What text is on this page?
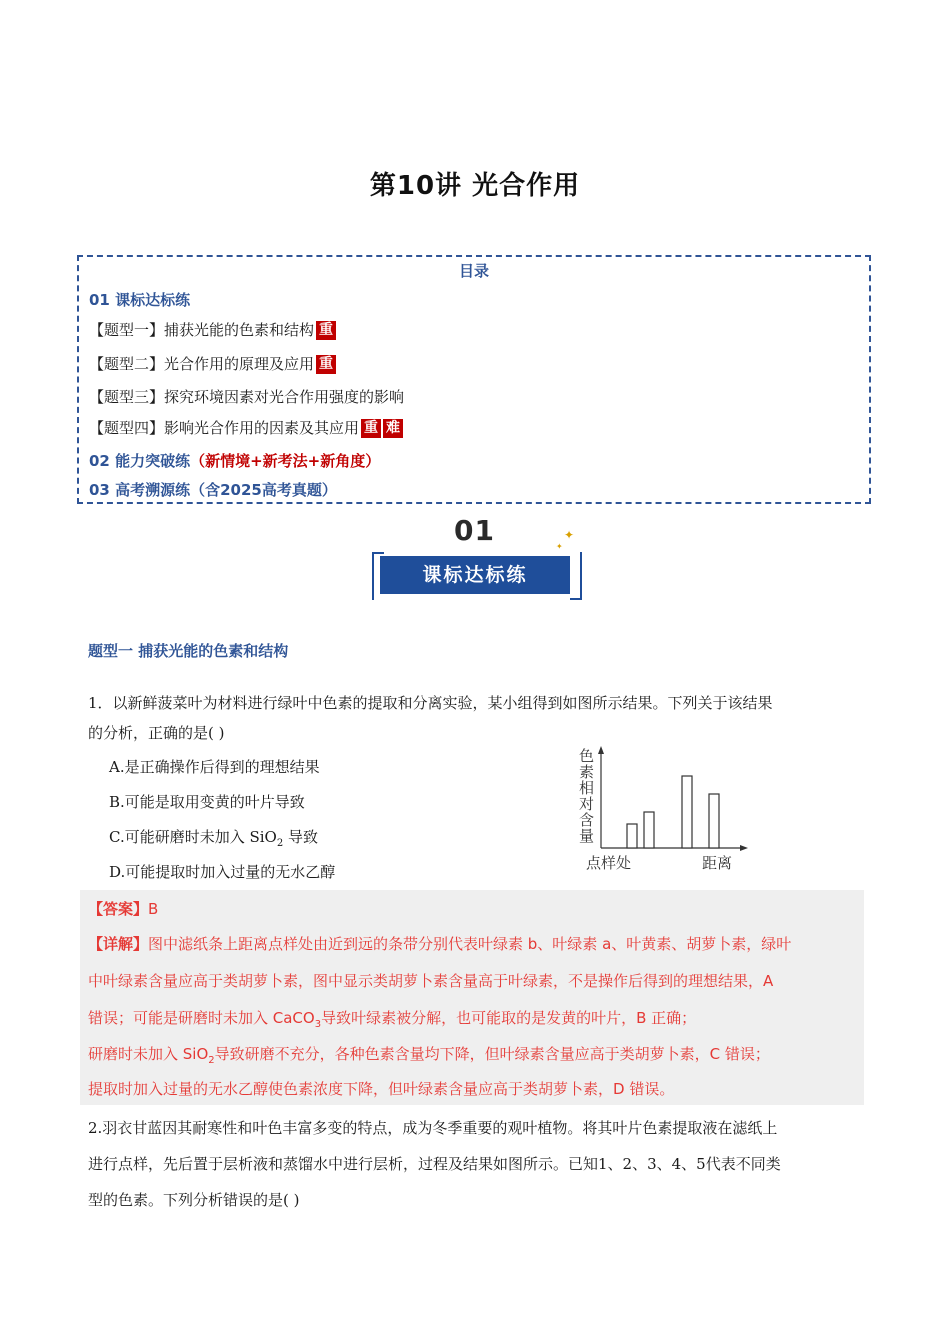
第10讲 光合作用
目录
01 课标达标练
【题型一】捕获光能的色素和结构 重
【题型二】光合作用的原理及应用 重
【题型三】探究环境因素对光合作用强度的影响
【题型四】影响光合作用的因素及其应用 重 难
02 能力突破练（新情境+新考法+新角度）
03 高考溯源练（含2025高考真题）
01
课标达标练
✦
✦
题型一 捕获光能的色素和结构
1．以新鲜菠菜叶为材料进行绿叶中色素的提取和分离实验，某小组得到如图所示结果。下列关于该结果
的分析，正确的是( )
A.是正确操作后得到的理想结果
B.可能是取用变黄的叶片导致
C.可能研磨时未加入 SiO$_2$ 导致
D.可能提取时加入过量的无水乙醇
色素相对含量
点样处	距离
【答案】B
【详解】图中滤纸条上距离点样处由近到远的条带分别代表叶绿素 b、叶绿素 a、叶黄素、胡萝卜素，绿叶
中叶绿素含量应高于类胡萝卜素，图中显示类胡萝卜素含量高于叶绿素，不是操作后得到的理想结果，A
错误；可能是研磨时未加入 CaCO$_3$导致叶绿素被分解，也可能取的是发黄的叶片，B 正确；
研磨时未加入 SiO$_2$导致研磨不充分，各种色素含量均下降，但叶绿素含量应高于类胡萝卜素，C 错误；
提取时加入过量的无水乙醇使色素浓度下降，但叶绿素含量应高于类胡萝卜素，D 错误。
2.羽衣甘蓝因其耐寒性和叶色丰富多变的特点，成为冬季重要的观叶植物。将其叶片色素提取液在滤纸上
进行点样，先后置于层析液和蒸馏水中进行层析，过程及结果如图所示。已知1、2、3、4、5代表不同类
型的色素。下列分析错误的是( )
